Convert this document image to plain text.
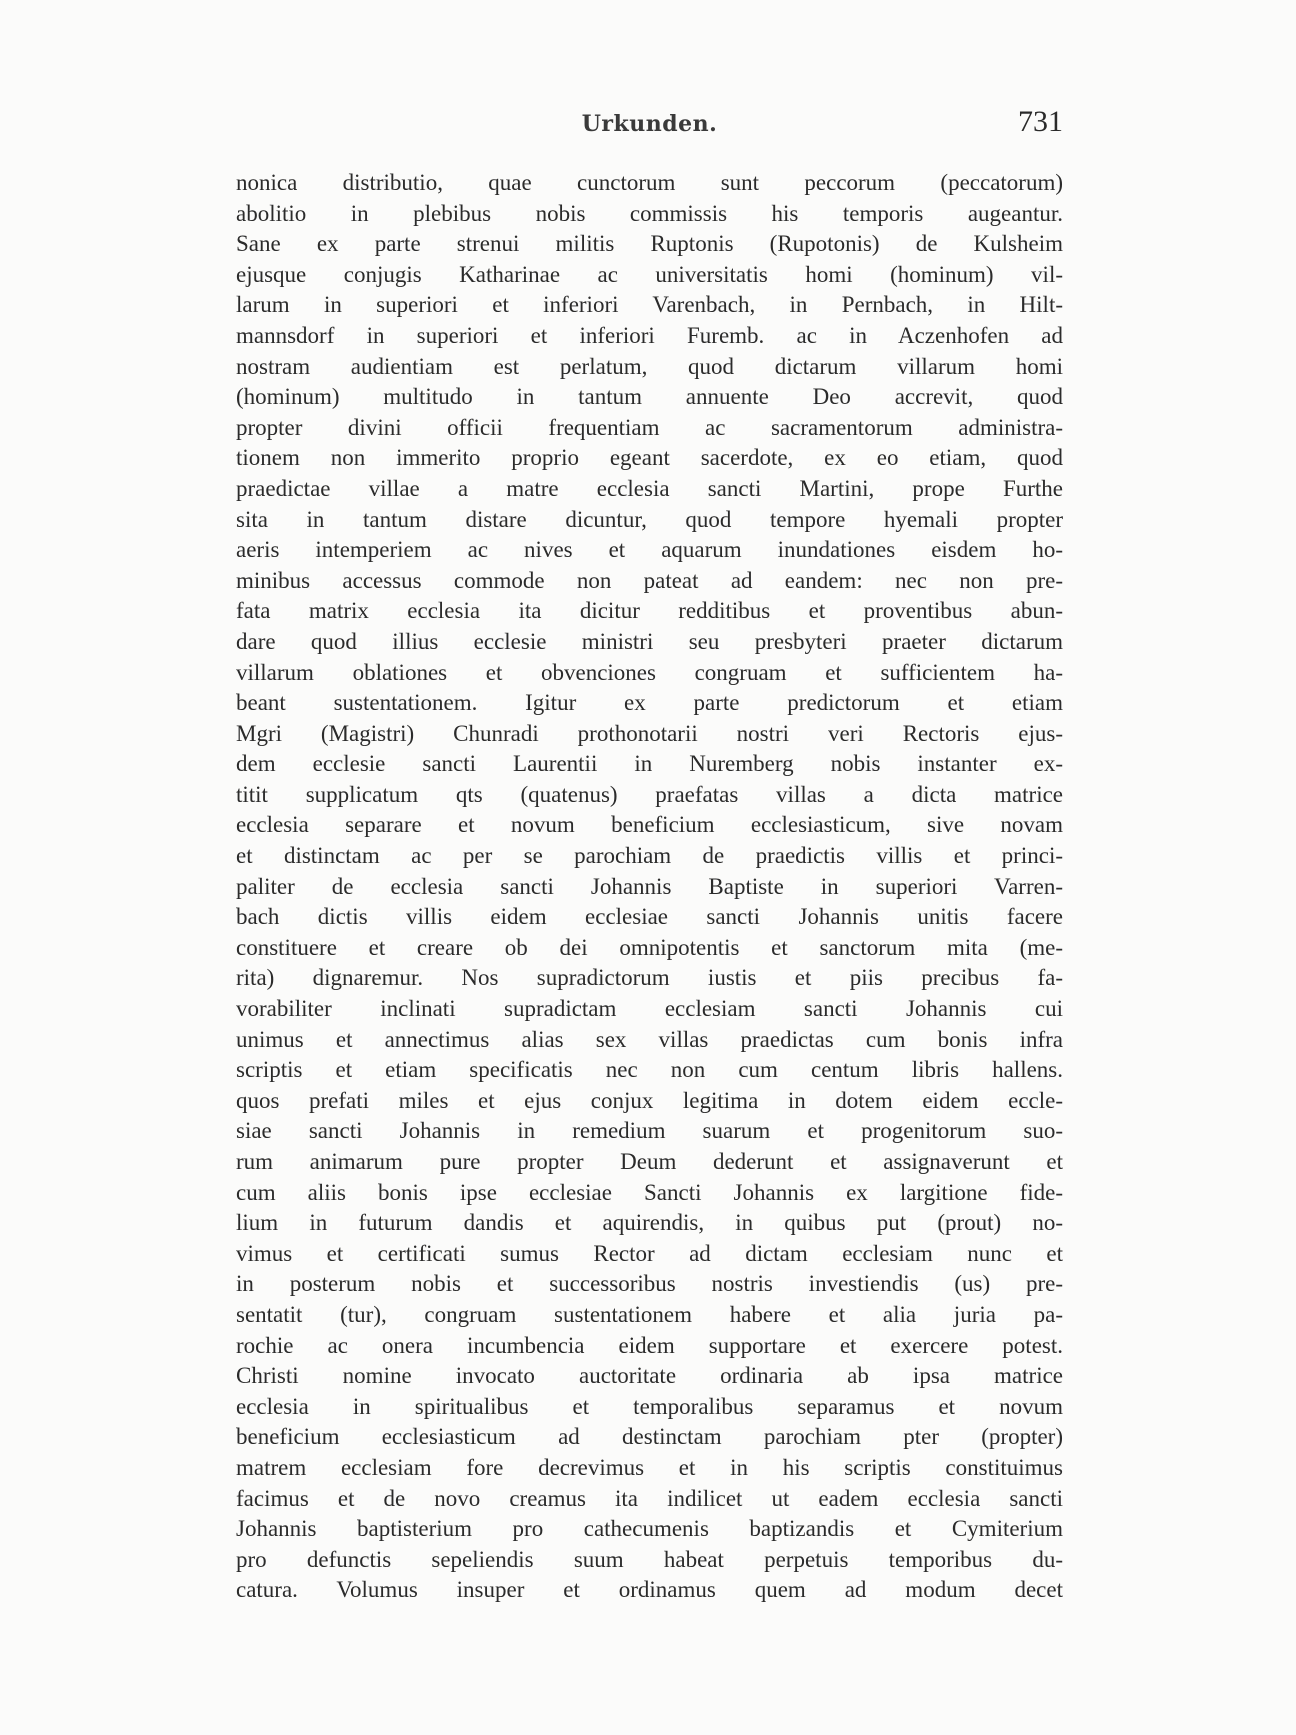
Urkunden.	731
nonica distributio, quae cunctorum sunt peccorum (peccatorum)
abolitio in plebibus nobis commissis his temporis augeantur.
Sane ex parte strenui militis Ruptonis (Rupotonis) de Kulsheim
ejusque conjugis Katharinae ac universitatis homi (hominum) vil-
larum in superiori et inferiori Varenbach, in Pernbach, in Hilt-
mannsdorf in superiori et inferiori Furemb. ac in Aczenhofen ad
nostram audientiam est perlatum, quod dictarum villarum homi
(hominum) multitudo in tantum annuente Deo accrevit, quod
propter divini officii frequentiam ac sacramentorum administra-
tionem non immerito proprio egeant sacerdote, ex eo etiam, quod
praedictae villae a matre ecclesia sancti Martini, prope Furthe
sita in tantum distare dicuntur, quod tempore hyemali propter
aeris intemperiem ac nives et aquarum inundationes eisdem ho-
minibus accessus commode non pateat ad eandem: nec non pre-
fata matrix ecclesia ita dicitur redditibus et proventibus abun-
dare quod illius ecclesie ministri seu presbyteri praeter dictarum
villarum oblationes et obvenciones congruam et sufficientem ha-
beant sustentationem. Igitur ex parte predictorum et etiam
Mgri (Magistri) Chunradi prothonotarii nostri veri Rectoris ejus-
dem ecclesie sancti Laurentii in Nuremberg nobis instanter ex-
titit supplicatum qts (quatenus) praefatas villas a dicta matrice
ecclesia separare et novum beneficium ecclesiasticum, sive novam
et distinctam ac per se parochiam de praedictis villis et princi-
paliter de ecclesia sancti Johannis Baptiste in superiori Varren-
bach dictis villis eidem ecclesiae sancti Johannis unitis facere
constituere et creare ob dei omnipotentis et sanctorum mita (me-
rita) dignaremur. Nos supradictorum iustis et piis precibus fa-
vorabiliter inclinati supradictam ecclesiam sancti Johannis cui
unimus et annectimus alias sex villas praedictas cum bonis infra
scriptis et etiam specificatis nec non cum centum libris hallens.
quos prefati miles et ejus conjux legitima in dotem eidem eccle-
siae sancti Johannis in remedium suarum et progenitorum suo-
rum animarum pure propter Deum dederunt et assignaverunt et
cum aliis bonis ipse ecclesiae Sancti Johannis ex largitione fide-
lium in futurum dandis et aquirendis, in quibus put (prout) no-
vimus et certificati sumus Rector ad dictam ecclesiam nunc et
in posterum nobis et successoribus nostris investiendis (us) pre-
sentatit (tur), congruam sustentationem habere et alia juria pa-
rochie ac onera incumbencia eidem supportare et exercere potest.
Christi nomine invocato auctoritate ordinaria ab ipsa matrice
ecclesia in spiritualibus et temporalibus separamus et novum
beneficium ecclesiasticum ad destinctam parochiam pter (propter)
matrem ecclesiam fore decrevimus et in his scriptis constituimus
facimus et de novo creamus ita indilicet ut eadem ecclesia sancti
Johannis baptisterium pro cathecumenis baptizandis et Cymiterium
pro defunctis sepeliendis suum habeat perpetuis temporibus du-
catura. Volumus insuper et ordinamus quem ad modum decet
